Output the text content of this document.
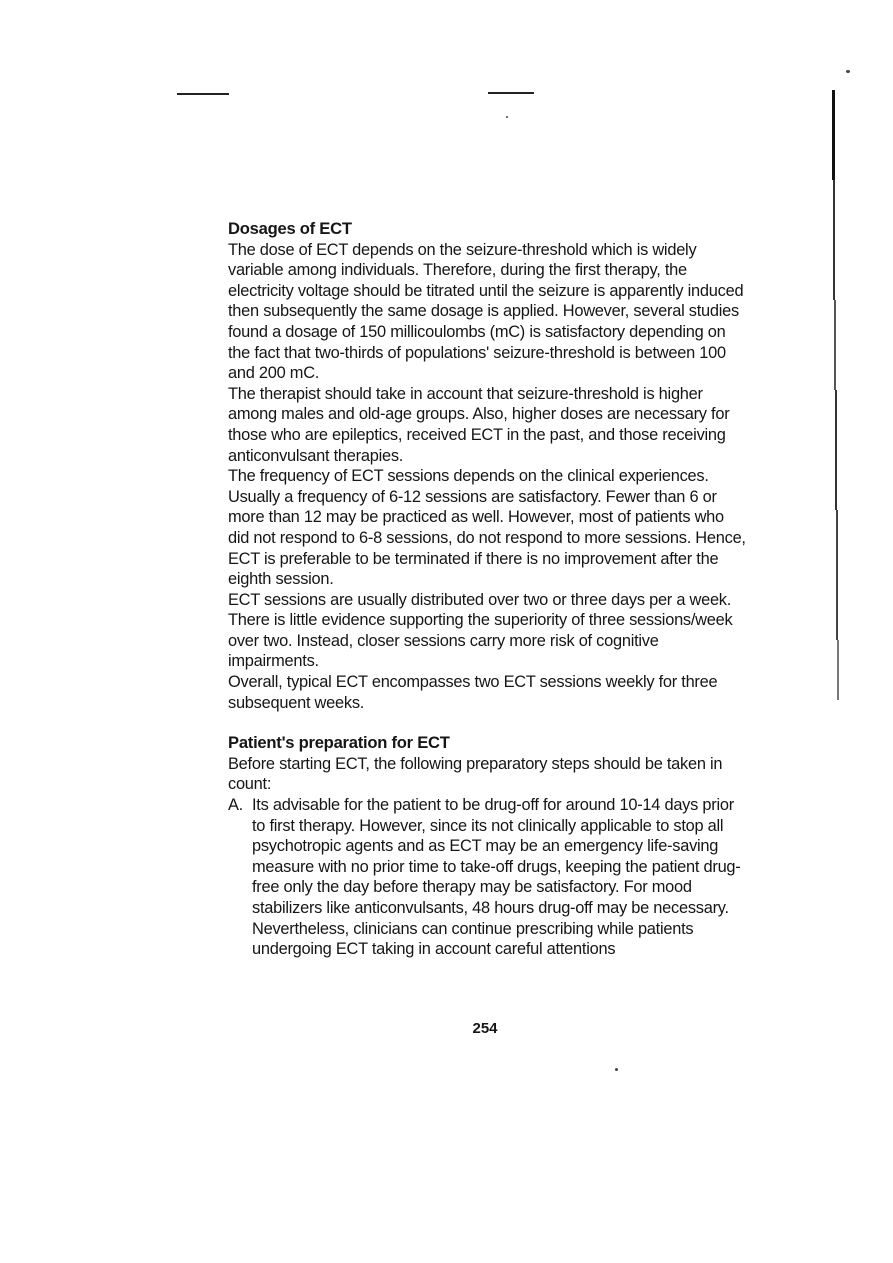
Dosages of ECT

The dose of ECT depends on the seizure-threshold which is widely variable among individuals. Therefore, during the first therapy, the electricity voltage should be titrated until the seizure is apparently induced then subsequently the same dosage is applied. However, several studies found a dosage of 150 millicoulombs (mC) is satisfactory depending on the fact that two-thirds of populations' seizure-threshold is between 100 and 200 mC.

The therapist should take in account that seizure-threshold is higher among males and old-age groups. Also, higher doses are necessary for those who are epileptics, received ECT in the past, and those receiving anticonvulsant therapies.

The frequency of ECT sessions depends on the clinical experiences. Usually a frequency of 6-12 sessions are satisfactory. Fewer than 6 or more than 12 may be practiced as well. However, most of patients who did not respond to 6-8 sessions, do not respond to more sessions. Hence, ECT is preferable to be terminated if there is no improvement after the eighth session.

ECT sessions are usually distributed over two or three days per a week. There is little evidence supporting the superiority of three sessions/week over two. Instead, closer sessions carry more risk of cognitive impairments.

Overall, typical ECT encompasses two ECT sessions weekly for three subsequent weeks.

Patient's preparation for ECT

Before starting ECT, the following preparatory steps should be taken in count:

A. Its advisable for the patient to be drug-off for around 10-14 days prior to first therapy. However, since its not clinically applicable to stop all psychotropic agents and as ECT may be an emergency life-saving measure with no prior time to take-off drugs, keeping the patient drug-free only the day before therapy may be satisfactory. For mood stabilizers like anticonvulsants, 48 hours drug-off may be necessary. Nevertheless, clinicians can continue prescribing while patients undergoing ECT taking in account careful attentions
254
